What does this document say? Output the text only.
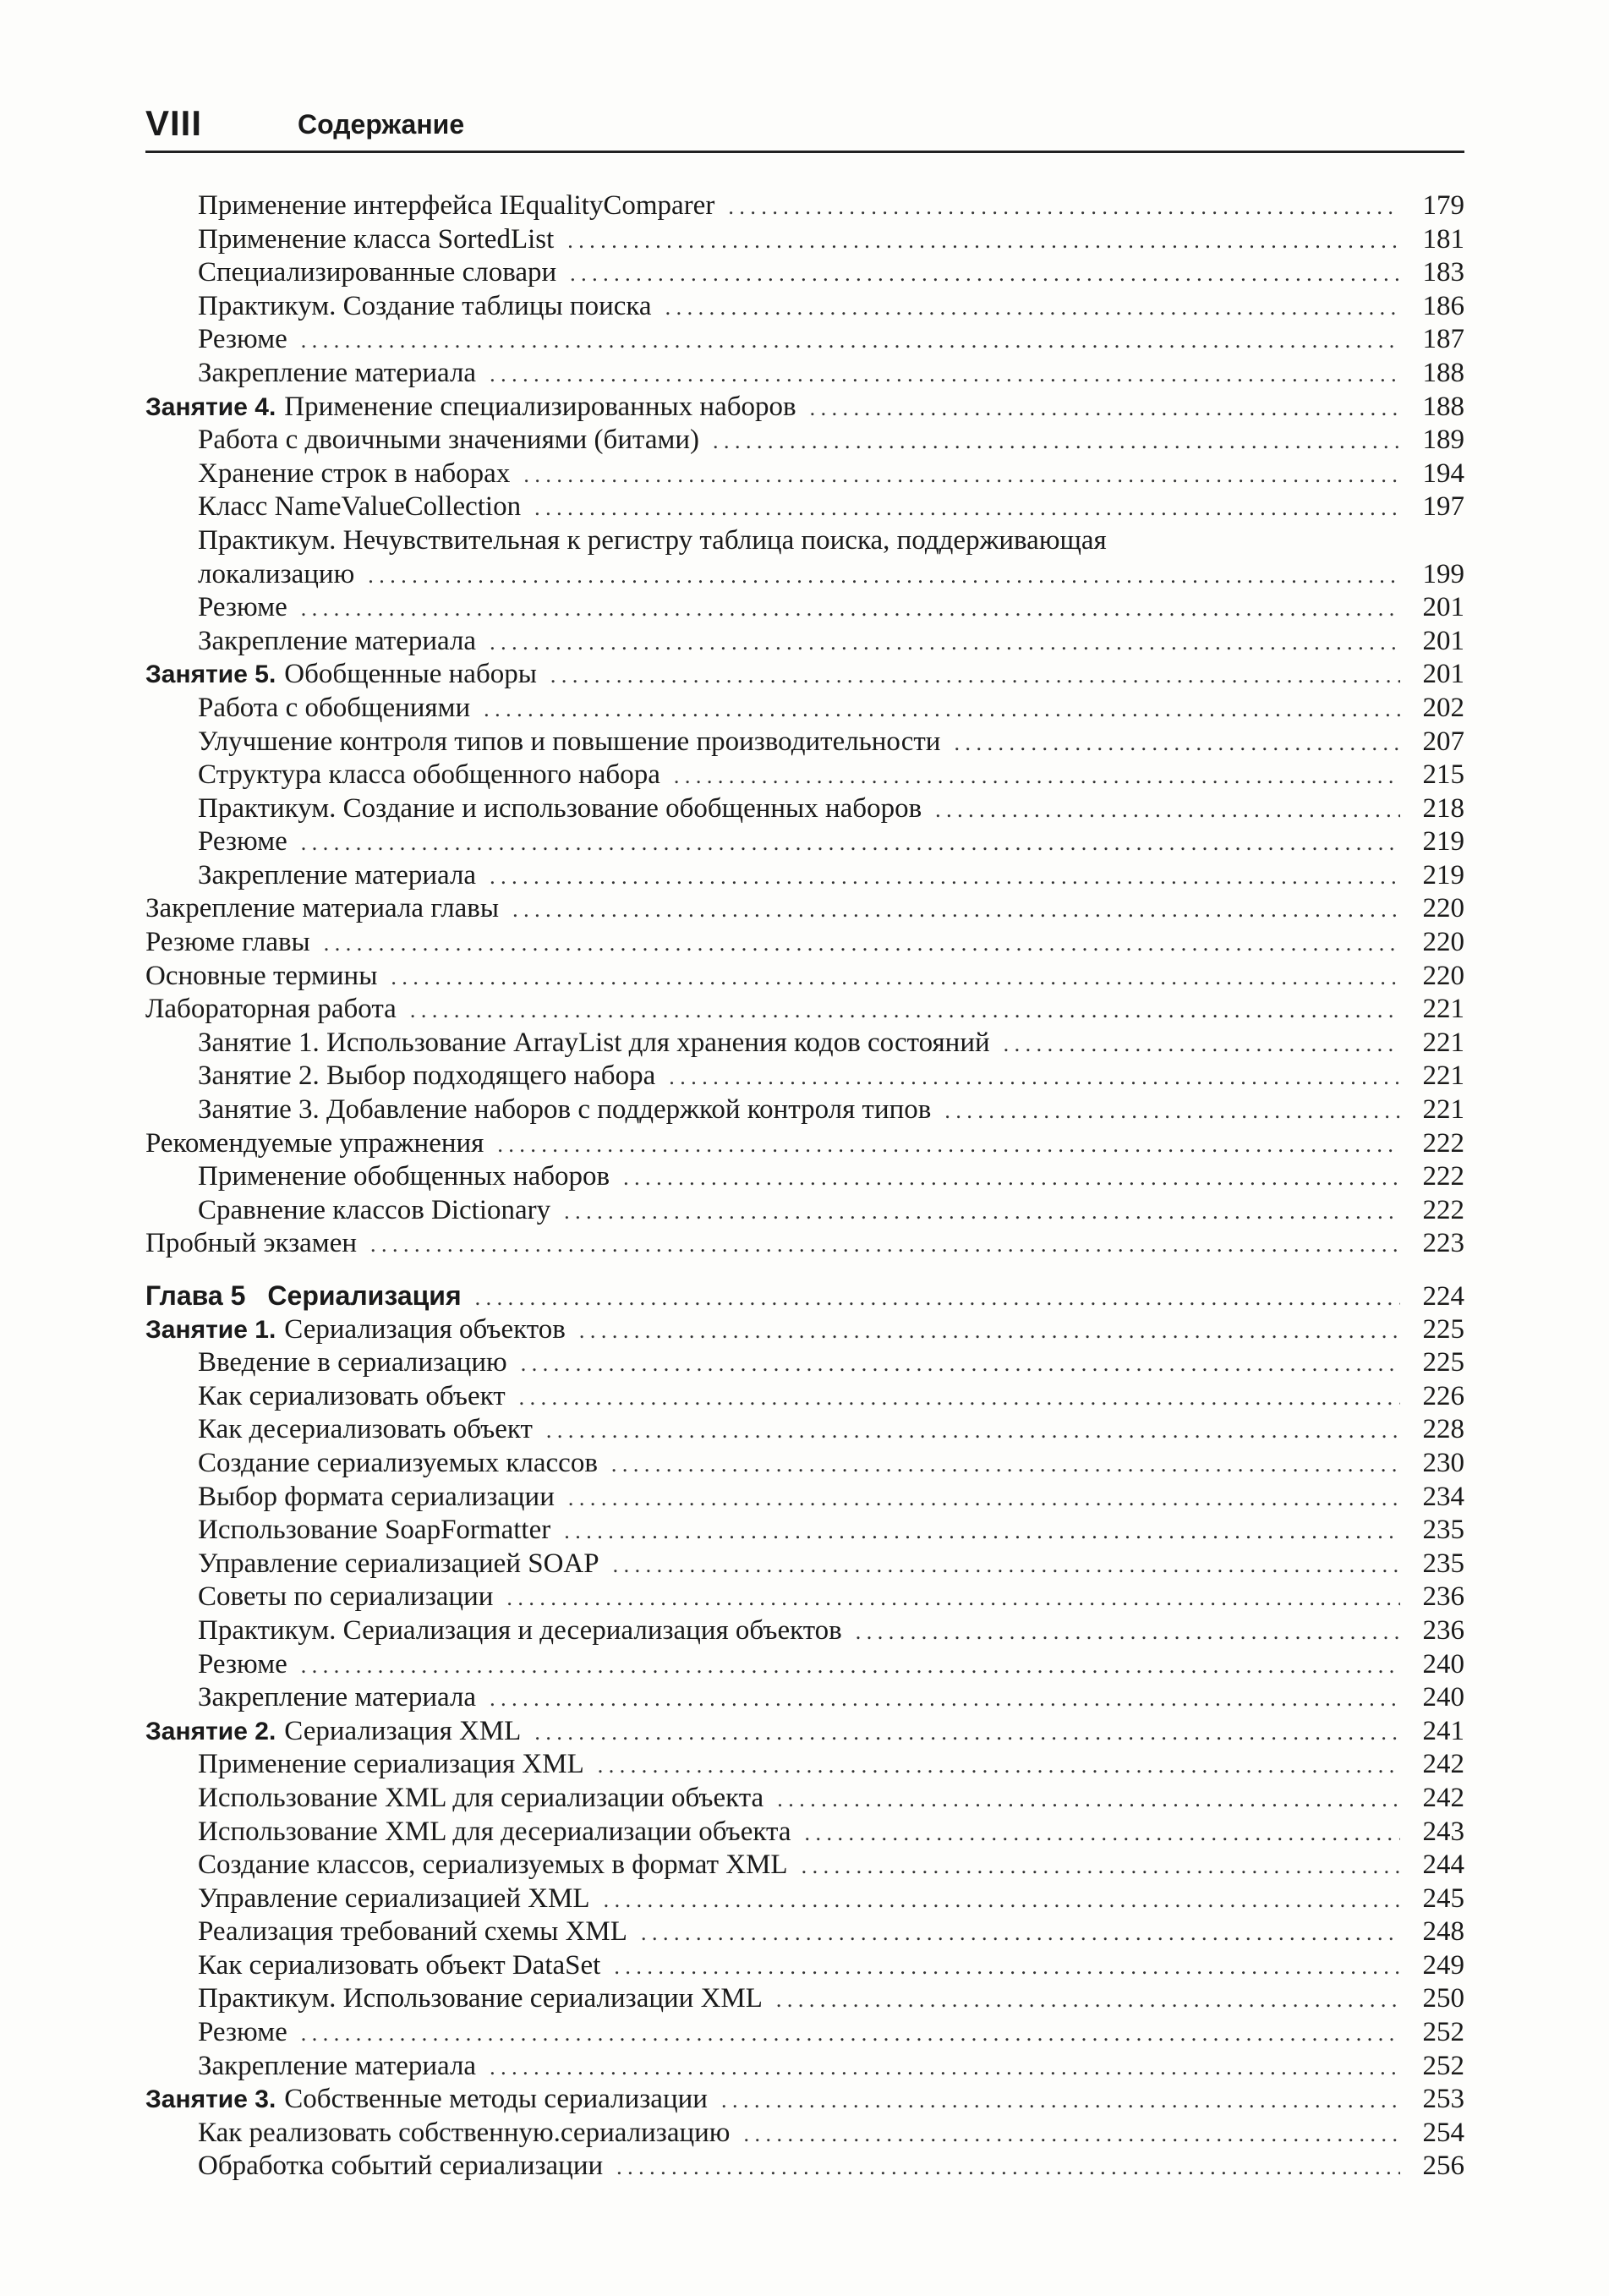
VIII	Содержание
Применение интерфейса IEqualityComparer . . .	179
Применение класса SortedList . . .	181
Специализированные словари . . .	183
Практикум. Создание таблицы поиска . . .	186
Резюме . . .	187
Закрепление материала . . .	188
Занятие 4. Применение специализированных наборов . . .	188
Работа с двоичными значениями (битами) . . .	189
Хранение строк в наборах . . .	194
Класс NameValueCollection . . .	197
Практикум. Нечувствительная к регистру таблица поиска, поддерживающая
локализацию . . .	199
Резюме . . .	201
Закрепление материала . . .	201
Занятие 5. Обобщенные наборы . . .	201
Работа с обобщениями . . .	202
Улучшение контроля типов и повышение производительности . . .	207
Структура класса обобщенного набора . . .	215
Практикум. Создание и использование обобщенных наборов . . .	218
Резюме . . .	219
Закрепление материала . . .	219
Закрепление материала главы . . .	220
Резюме главы . . .	220
Основные термины . . .	220
Лабораторная работа . . .	221
Занятие 1. Использование ArrayList для хранения кодов состояний . . .	221
Занятие 2. Выбор подходящего набора . . .	221
Занятие 3. Добавление наборов с поддержкой контроля типов . . .	221
Рекомендуемые упражнения . . .	222
Применение обобщенных наборов . . .	222
Сравнение классов Dictionary . . .	222
Пробный экзамен . . .	223
Глава 5 Сериализация . . .	224
Занятие 1. Сериализация объектов . . .	225
Введение в сериализацию . . .	225
Как сериализовать объект . . .	226
Как десериализовать объект . . .	228
Создание сериализуемых классов . . .	230
Выбор формата сериализации . . .	234
Использование SoapFormatter . . .	235
Управление сериализацией SOAP . . .	235
Советы по сериализации . . .	236
Практикум. Сериализация и десериализация объектов . . .	236
Резюме . . .	240
Закрепление материала . . .	240
Занятие 2. Сериализация XML . . .	241
Применение сериализация XML . . .	242
Использование XML для сериализации объекта . . .	242
Использование XML для десериализации объекта . . .	243
Создание классов, сериализуемых в формат XML . . .	244
Управление сериализацией XML . . .	245
Реализация требований схемы XML . . .	248
Как сериализовать объект DataSet . . .	249
Практикум. Использование сериализации XML . . .	250
Резюме . . .	252
Закрепление материала . . .	252
Занятие 3. Собственные методы сериализации . . .	253
Как реализовать собственную.сериализацию . . .	254
Обработка событий сериализации . . .	256
